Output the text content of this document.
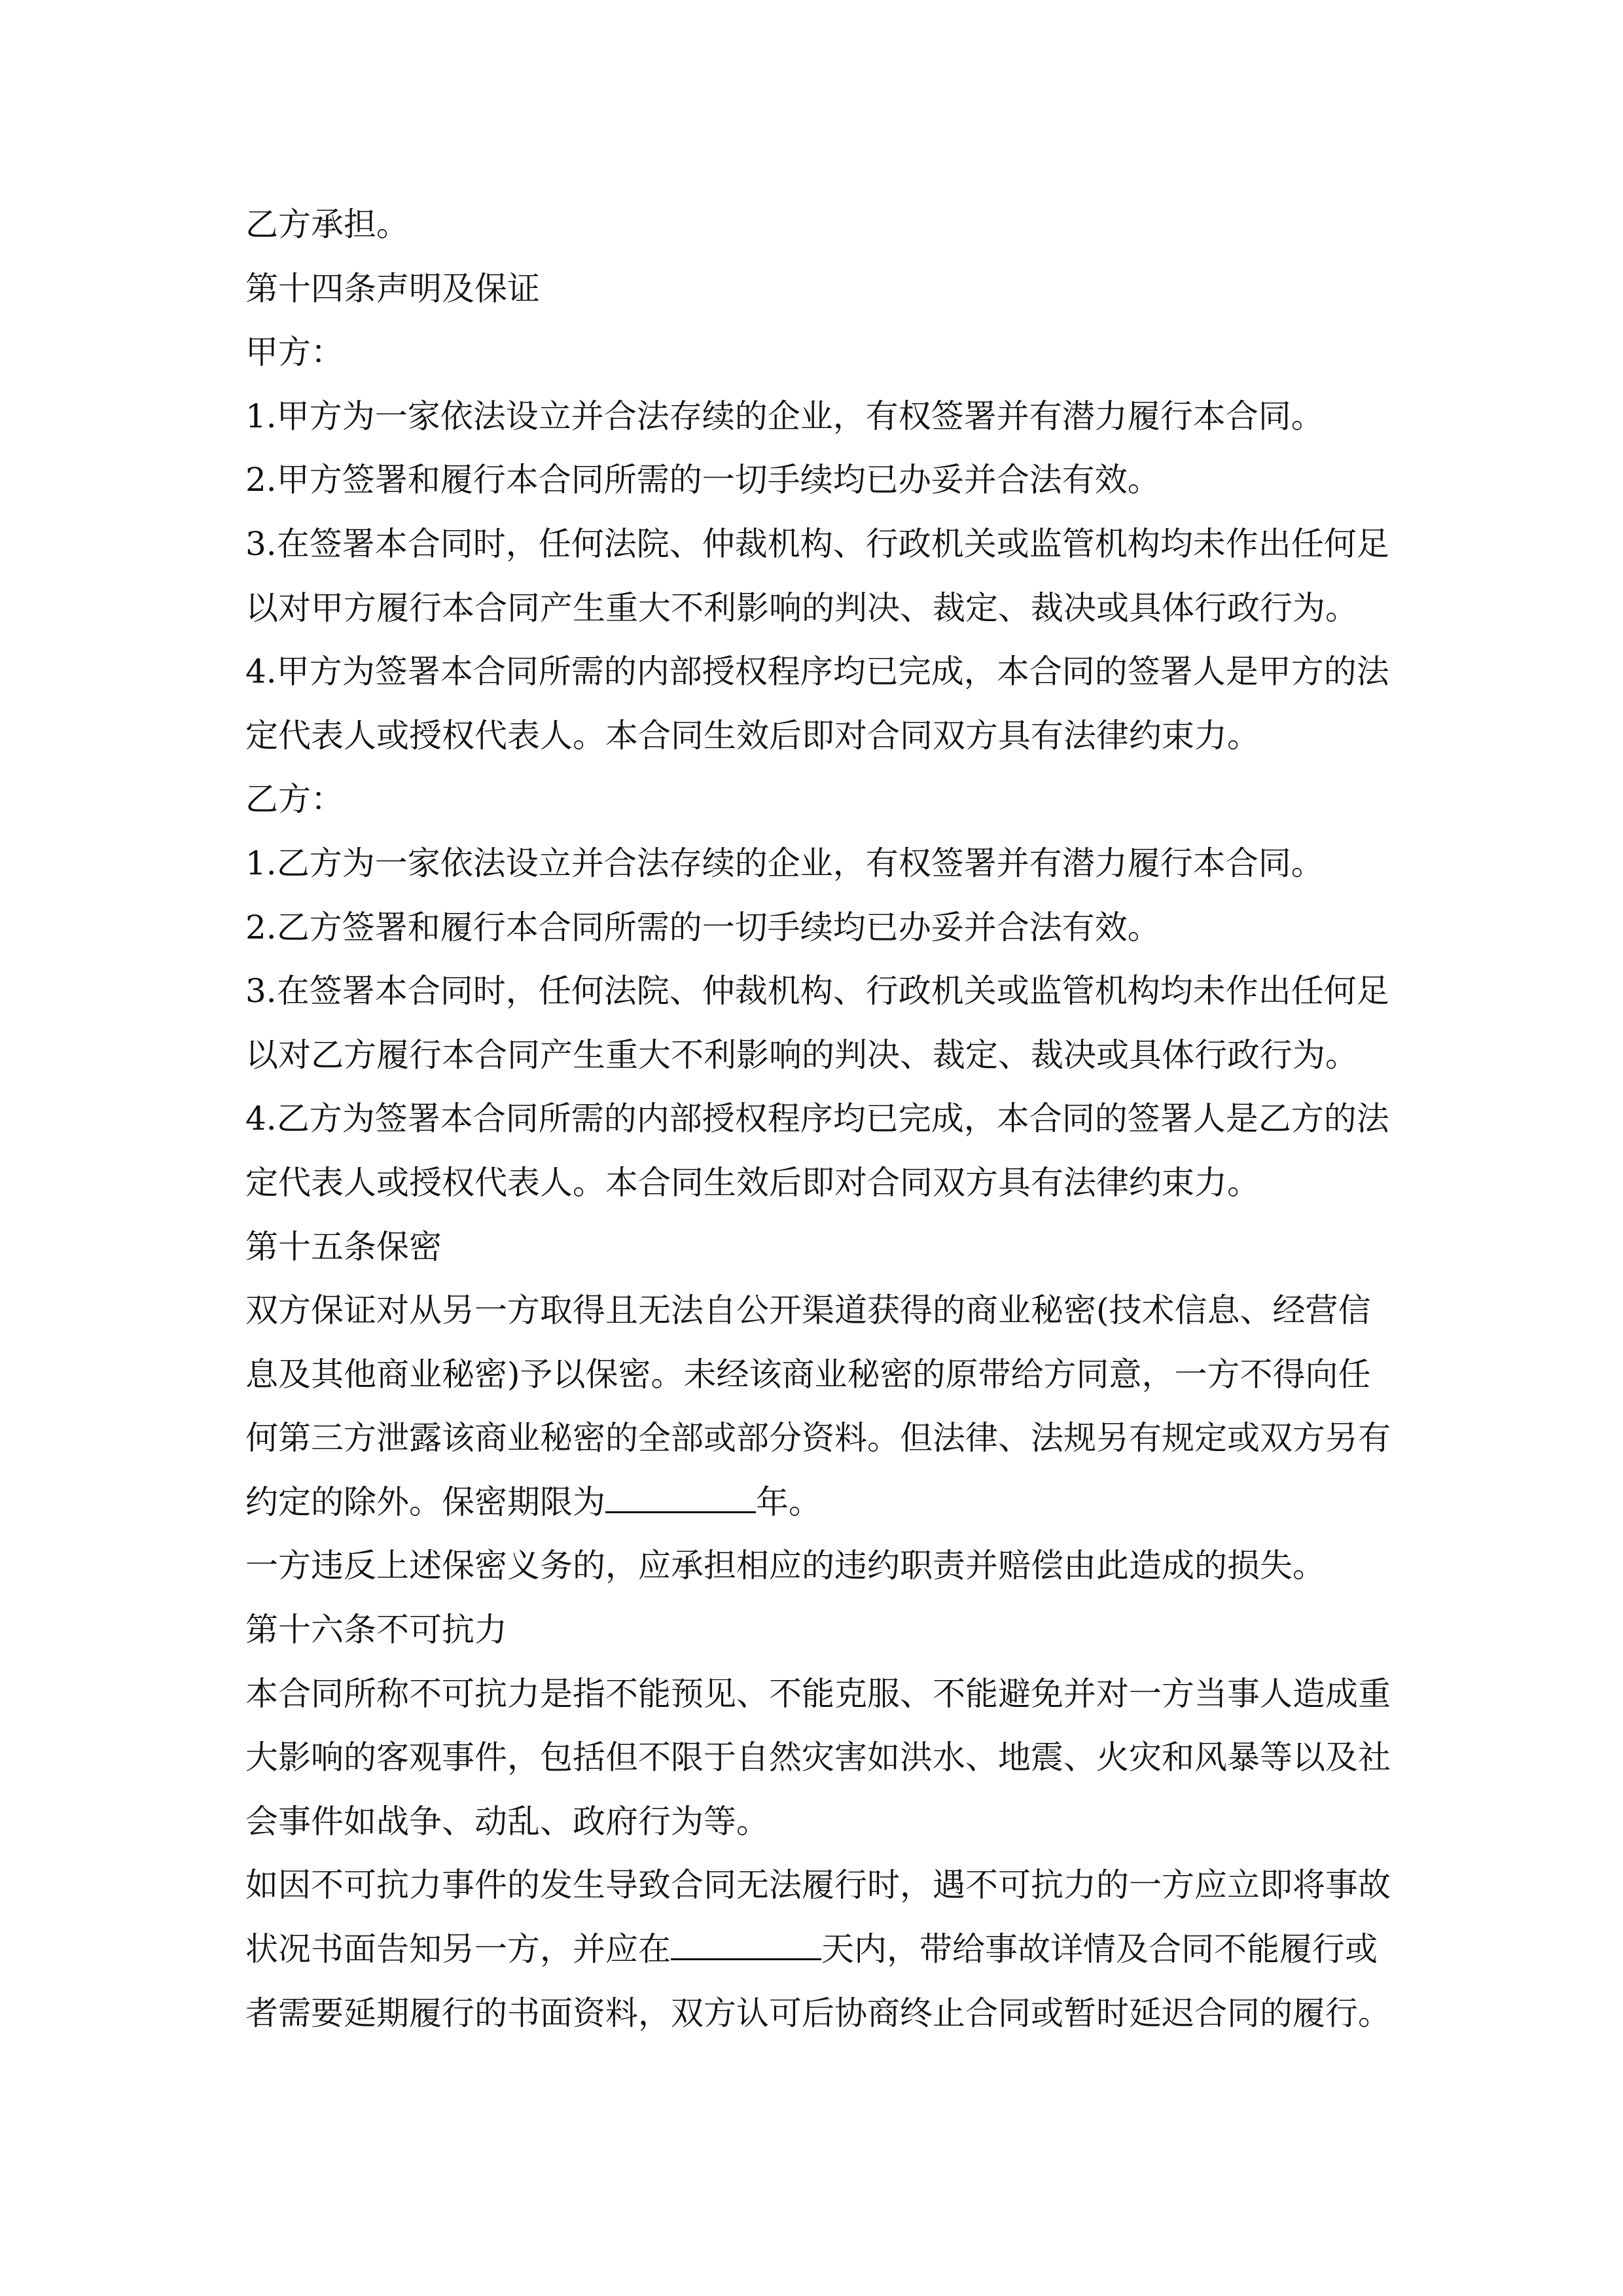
乙方承担。

第十四条声明及保证

甲方：

1.甲方为一家依法设立并合法存续的企业，有权签署并有潜力履行本合同。

2.甲方签署和履行本合同所需的一切手续均已办妥并合法有效。

3.在签署本合同时，任何法院、仲裁机构、行政机关或监管机构均未作出任何足

以对甲方履行本合同产生重大不利影响的判决、裁定、裁决或具体行政行为。

4.甲方为签署本合同所需的内部授权程序均已完成，本合同的签署人是甲方的法

定代表人或授权代表人。本合同生效后即对合同双方具有法律约束力。

乙方：

1.乙方为一家依法设立并合法存续的企业，有权签署并有潜力履行本合同。

2.乙方签署和履行本合同所需的一切手续均已办妥并合法有效。

3.在签署本合同时，任何法院、仲裁机构、行政机关或监管机构均未作出任何足

以对乙方履行本合同产生重大不利影响的判决、裁定、裁决或具体行政行为。

4.乙方为签署本合同所需的内部授权程序均已完成，本合同的签署人是乙方的法

定代表人或授权代表人。本合同生效后即对合同双方具有法律约束力。

第十五条保密

双方保证对从另一方取得且无法自公开渠道获得的商业秘密(技术信息、经营信

息及其他商业秘密)予以保密。未经该商业秘密的原带给方同意，一方不得向任

何第三方泄露该商业秘密的全部或部分资料。但法律、法规另有规定或双方另有

约定的除外。保密期限为	年。

一方违反上述保密义务的，应承担相应的违约职责并赔偿由此造成的损失。

第十六条不可抗力

本合同所称不可抗力是指不能预见、不能克服、不能避免并对一方当事人造成重

大影响的客观事件，包括但不限于自然灾害如洪水、地震、火灾和风暴等以及社

会事件如战争、动乱、政府行为等。

如因不可抗力事件的发生导致合同无法履行时，遇不可抗力的一方应立即将事故

状况书面告知另一方，并应在	天内，带给事故详情及合同不能履行或

者需要延期履行的书面资料，双方认可后协商终止合同或暂时延迟合同的履行。
